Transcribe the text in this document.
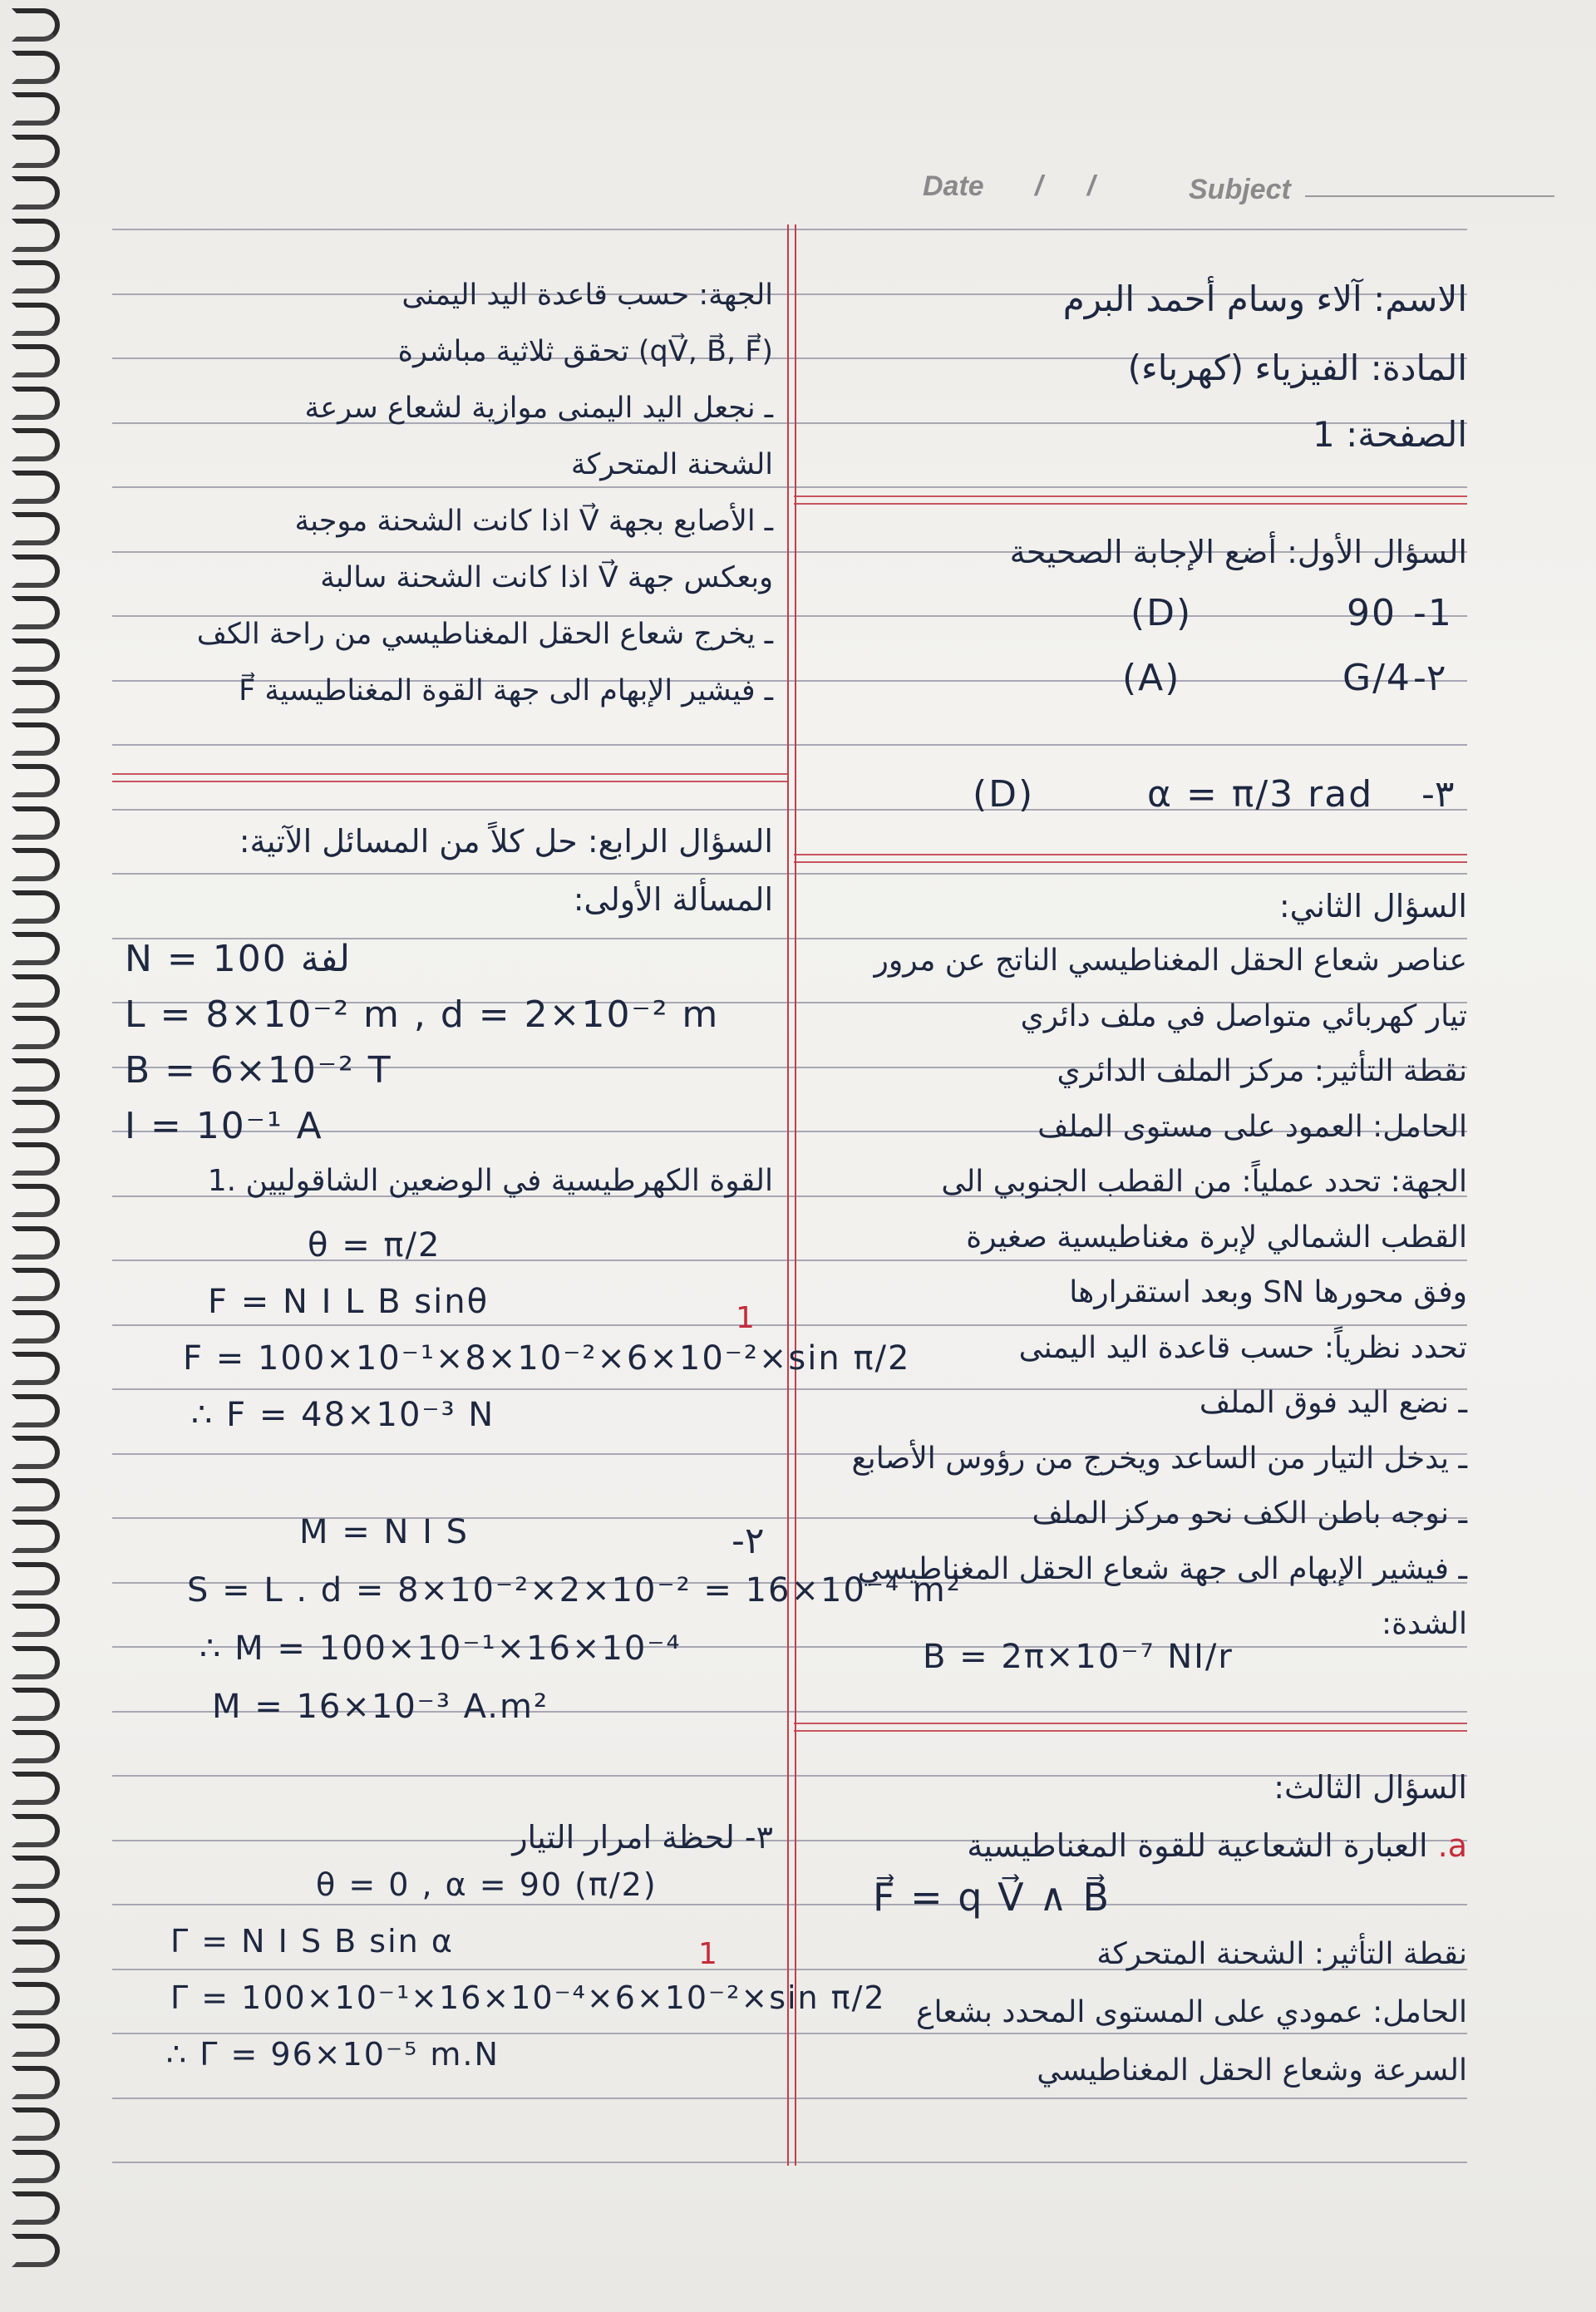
Date / /	Subject
الاسم: آلاء وسام أحمد البرم
المادة: الفيزياء (كهرباء)
الصفحة: 1
السؤال الأول: أضع الإجابة الصحيحة
-1
90
(D)
-٢
G/4
(A)
-٣
α = π/3 rad
(D)
السؤال الثاني:
عناصر شعاع الحقل المغناطيسي الناتج عن مرور
تيار كهربائي متواصل في ملف دائري
نقطة التأثير: مركز الملف الدائري
الحامل: العمود على مستوى الملف
الجهة: تحدد عملياً: من القطب الجنوبي الى
القطب الشمالي لإبرة مغناطيسية صغيرة
وفق محورها SN وبعد استقرارها
تحدد نظرياً: حسب قاعدة اليد اليمنى
ـ نضع اليد فوق الملف
ـ يدخل التيار من الساعد ويخرج من رؤوس الأصابع
ـ نوجه باطن الكف نحو مركز الملف
ـ فيشير الإبهام الى جهة شعاع الحقل المغناطيسي
الشدة:
B = 2π×10⁻⁷ NI/r
السؤال الثالث:
a. العبارة الشعاعية للقوة المغناطيسية
F⃗ = q V⃗ ∧ B⃗
نقطة التأثير: الشحنة المتحركة
الحامل: عمودي على المستوى المحدد بشعاع
السرعة وشعاع الحقل المغناطيسي
الجهة: حسب قاعدة اليد اليمنى
(qV⃗, B⃗, F⃗) تحقق ثلاثية مباشرة
ـ نجعل اليد اليمنى موازية لشعاع سرعة
الشحنة المتحركة
ـ الأصابع بجهة V⃗ اذا كانت الشحنة موجبة
وبعكس جهة V⃗ اذا كانت الشحنة سالبة
ـ يخرج شعاع الحقل المغناطيسي من راحة الكف
ـ فيشير الإبهام الى جهة القوة المغناطيسية F⃗
السؤال الرابع: حل كلاً من المسائل الآتية:
المسألة الأولى:
N = 100 لفة
L = 8×10⁻² m , d = 2×10⁻² m
B = 6×10⁻² T
I = 10⁻¹ A
القوة الكهرطيسية في الوضعين الشاقوليين .1
θ = π/2
F = N I L B sinθ
F = 100×10⁻¹×8×10⁻²×6×10⁻²×sin π/2
∴ F = 48×10⁻³ N
-٢
M = N I S
S = L . d = 8×10⁻²×2×10⁻² = 16×10⁻⁴ m²
∴ M = 100×10⁻¹×16×10⁻⁴
M = 16×10⁻³ A.m²
٣- لحظة امرار التيار
θ = 0 , α = 90 (π/2)
Γ = N I S B sin α
Γ = 100×10⁻¹×16×10⁻⁴×6×10⁻²×sin π/2
∴ Γ = 96×10⁻⁵ m.N
1
1
